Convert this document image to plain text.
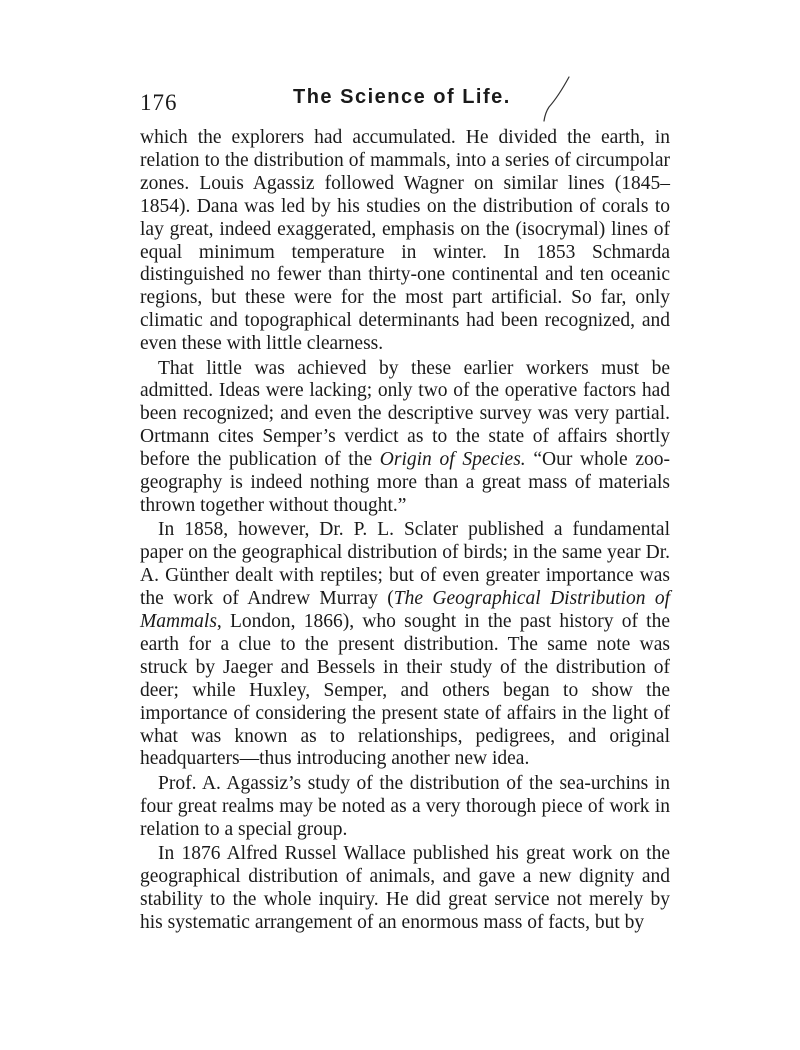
176	The Science of Life.

which the explorers had accumulated. He divided the earth, in relation to the distribution of mammals, into a series of circumpolar zones. Louis Agassiz followed Wagner on similar lines (1845–1854). Dana was led by his studies on the distribution of corals to lay great, indeed exaggerated, emphasis on the (isocrymal) lines of equal minimum temperature in winter. In 1853 Schmarda distinguished no fewer than thirty-one continental and ten oceanic regions, but these were for the most part artificial. So far, only climatic and topographical determinants had been recognized, and even these with little clearness.

That little was achieved by these earlier workers must be admitted. Ideas were lacking; only two of the operative factors had been recognized; and even the descriptive survey was very partial. Ortmann cites Semper’s verdict as to the state of affairs shortly before the publication of the Origin of Species. “Our whole zoo-geography is indeed nothing more than a great mass of materials thrown together without thought.”

In 1858, however, Dr. P. L. Sclater published a fundamental paper on the geographical distribution of birds; in the same year Dr. A. Günther dealt with reptiles; but of even greater importance was the work of Andrew Murray (The Geographical Distribution of Mammals, London, 1866), who sought in the past history of the earth for a clue to the present distribution. The same note was struck by Jaeger and Bessels in their study of the distribution of deer; while Huxley, Semper, and others began to show the importance of considering the present state of affairs in the light of what was known as to relationships, pedigrees, and original headquarters—thus introducing another new idea.

Prof. A. Agassiz’s study of the distribution of the sea-urchins in four great realms may be noted as a very thorough piece of work in relation to a special group.

In 1876 Alfred Russel Wallace published his great work on the geographical distribution of animals, and gave a new dignity and stability to the whole inquiry. He did great service not merely by his systematic arrangement of an enormous mass of facts, but by
